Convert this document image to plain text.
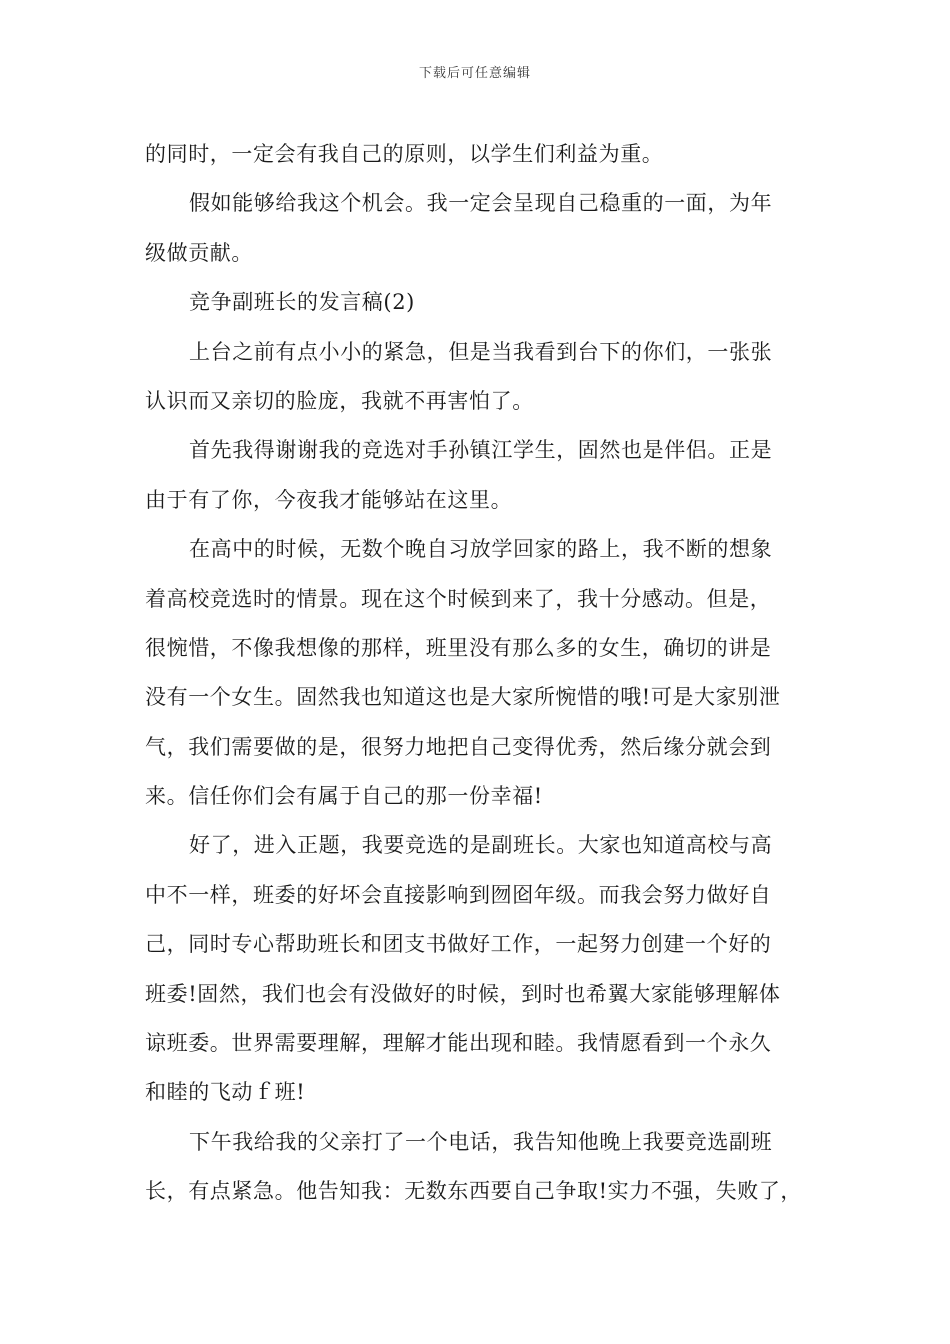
下载后可任意编辑
的同时，一定会有我自己的原则，以学生们利益为重。
假如能够给我这个机会。我一定会呈现自己稳重的一面，为年
级做贡献。
竞争副班长的发言稿(2)
上台之前有点小小的紧急，但是当我看到台下的你们，一张张
认识而又亲切的脸庞，我就不再害怕了。
首先我得谢谢我的竞选对手孙镇江学生，固然也是伴侣。正是
由于有了你，今夜我才能够站在这里。
在高中的时候，无数个晚自习放学回家的路上，我不断的想象
着高校竞选时的情景。现在这个时候到来了，我十分感动。但是，
很惋惜，不像我想像的那样，班里没有那么多的女生，确切的讲是
没有一个女生。固然我也知道这也是大家所惋惜的哦!可是大家别泄
气，我们需要做的是，很努力地把自己变得优秀，然后缘分就会到
来。信任你们会有属于自己的那一份幸福!
好了，进入正题，我要竞选的是副班长。大家也知道高校与高
中不一样，班委的好坏会直接影响到囫囵年级。而我会努力做好自
己，同时专心帮助班长和团支书做好工作，一起努力创建一个好的
班委!固然，我们也会有没做好的时候，到时也希翼大家能够理解体
谅班委。世界需要理解，理解才能出现和睦。我情愿看到一个永久
和睦的飞动ｆ班!
下午我给我的父亲打了一个电话，我告知他晚上我要竞选副班
长，有点紧急。他告知我：无数东西要自己争取!实力不强，失败了，
